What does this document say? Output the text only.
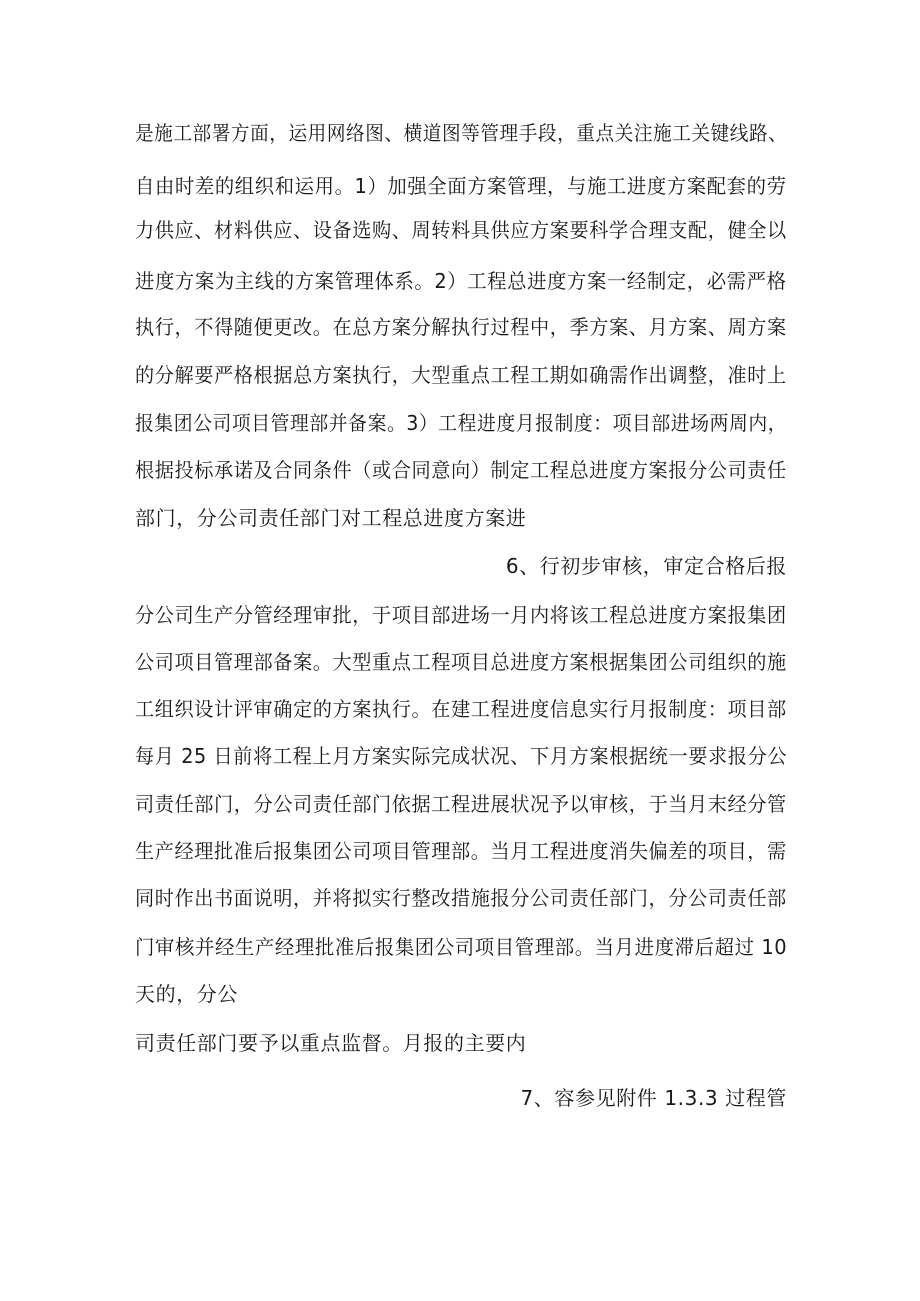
是施工部署方面，运用网络图、横道图等管理手段，重点关注施工关键线路、
自由时差的组织和运用。1）加强全面方案管理，与施工进度方案配套的劳
力供应、材料供应、设备选购、周转料具供应方案要科学合理支配，健全以
进度方案为主线的方案管理体系。2）工程总进度方案一经制定，必需严格
执行，不得随便更改。在总方案分解执行过程中，季方案、月方案、周方案
的分解要严格根据总方案执行，大型重点工程工期如确需作出调整，准时上
报集团公司项目管理部并备案。3）工程进度月报制度：项目部进场两周内，
根据投标承诺及合同条件（或合同意向）制定工程总进度方案报分公司责任
部门，分公司责任部门对工程总进度方案进
6、行初步审核，审定合格后报
分公司生产分管经理审批，于项目部进场一月内将该工程总进度方案报集团
公司项目管理部备案。大型重点工程项目总进度方案根据集团公司组织的施
工组织设计评审确定的方案执行。在建工程进度信息实行月报制度：项目部
每月 25 日前将工程上月方案实际完成状况、下月方案根据统一要求报分公
司责任部门，分公司责任部门依据工程进展状况予以审核，于当月末经分管
生产经理批准后报集团公司项目管理部。当月工程进度消失偏差的项目，需
同时作出书面说明，并将拟实行整改措施报分公司责任部门，分公司责任部
门审核并经生产经理批准后报集团公司项目管理部。当月进度滞后超过 10
天的，分公
司责任部门要予以重点监督。月报的主要内
7、容参见附件 1.3.3 过程管
